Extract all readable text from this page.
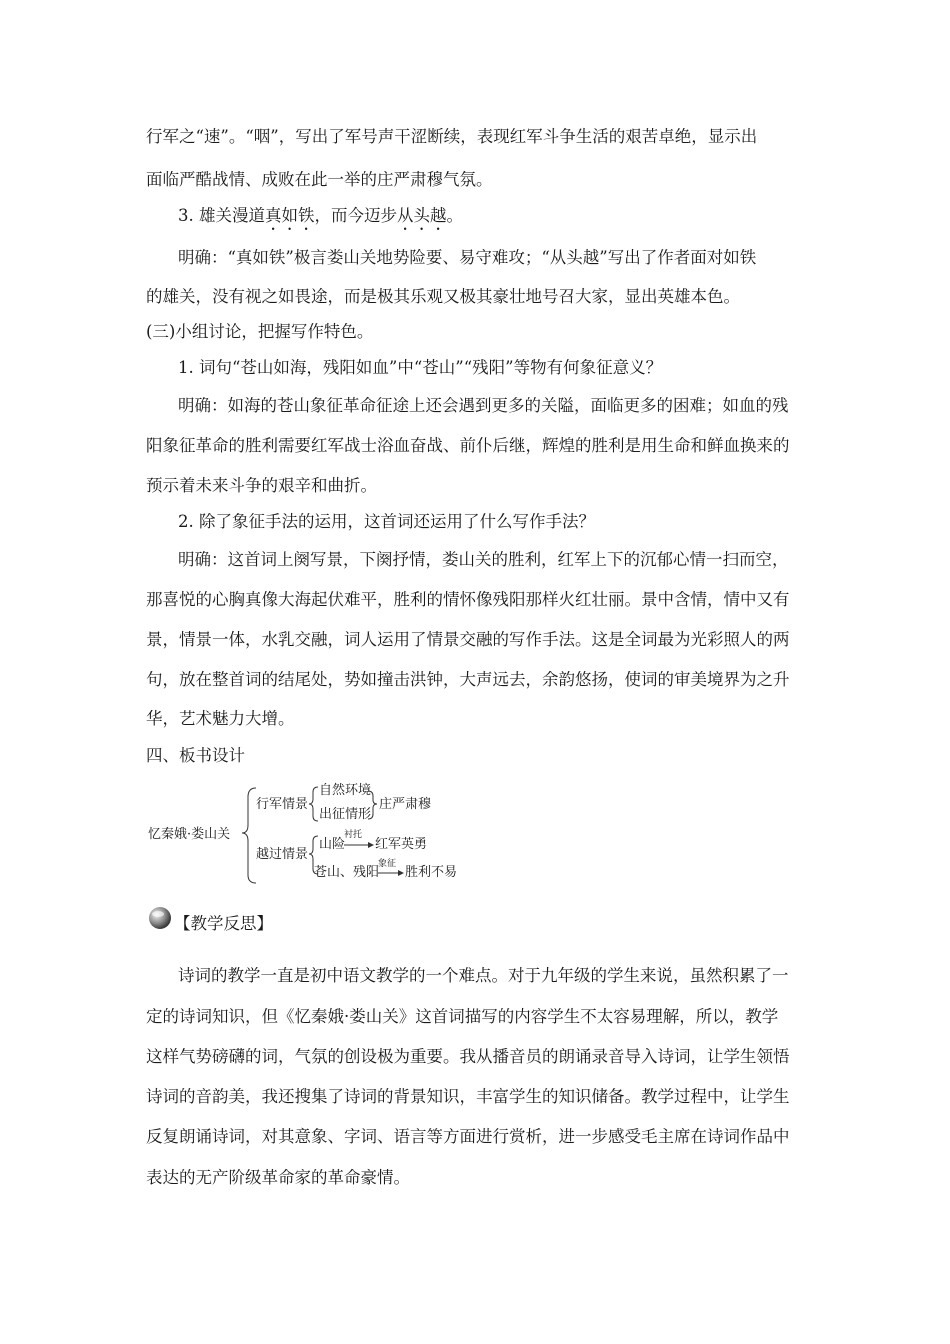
行军之“速”。“咽”，写出了军号声干涩断续，表现红军斗争生活的艰苦卓绝，显示出
面临严酷战情、成败在此一举的庄严肃穆气氛。
3. 雄关漫道真如铁，而今迈步从头越。
明确：“真如铁”极言娄山关地势险要、易守难攻；“从头越”写出了作者面对如铁
的雄关，没有视之如畏途，而是极其乐观又极其豪壮地号召大家，显出英雄本色。
(三)小组讨论，把握写作特色。
1. 词句“苍山如海，残阳如血”中“苍山”“残阳”等物有何象征意义？
明确：如海的苍山象征革命征途上还会遇到更多的关隘，面临更多的困难；如血的残
阳象征革命的胜利需要红军战士浴血奋战、前仆后继，辉煌的胜利是用生命和鲜血换来的
预示着未来斗争的艰辛和曲折。
2. 除了象征手法的运用，这首词还运用了什么写作手法？
明确：这首词上阕写景，下阕抒情，娄山关的胜利，红军上下的沉郁心情一扫而空，
那喜悦的心胸真像大海起伏难平，胜利的情怀像残阳那样火红壮丽。景中含情，情中又有
景，情景一体，水乳交融，词人运用了情景交融的写作手法。这是全词最为光彩照人的两
句，放在整首词的结尾处，势如撞击洪钟，大声远去，余韵悠扬，使词的审美境界为之升
华，艺术魅力大增。
四、板书设计
忆秦娥·娄山关
行军情景
自然环境
出征情形
庄严肃穆
越过情景
山险
衬托
红军英勇
苍山、残阳
象征
胜利不易
【教学反思】
诗词的教学一直是初中语文教学的一个难点。对于九年级的学生来说，虽然积累了一
定的诗词知识，但《忆秦娥·娄山关》这首词描写的内容学生不太容易理解，所以，教学
这样气势磅礴的词，气氛的创设极为重要。我从播音员的朗诵录音导入诗词，让学生领悟
诗词的音韵美，我还搜集了诗词的背景知识，丰富学生的知识储备。教学过程中，让学生
反复朗诵诗词，对其意象、字词、语言等方面进行赏析，进一步感受毛主席在诗词作品中
表达的无产阶级革命家的革命豪情。
